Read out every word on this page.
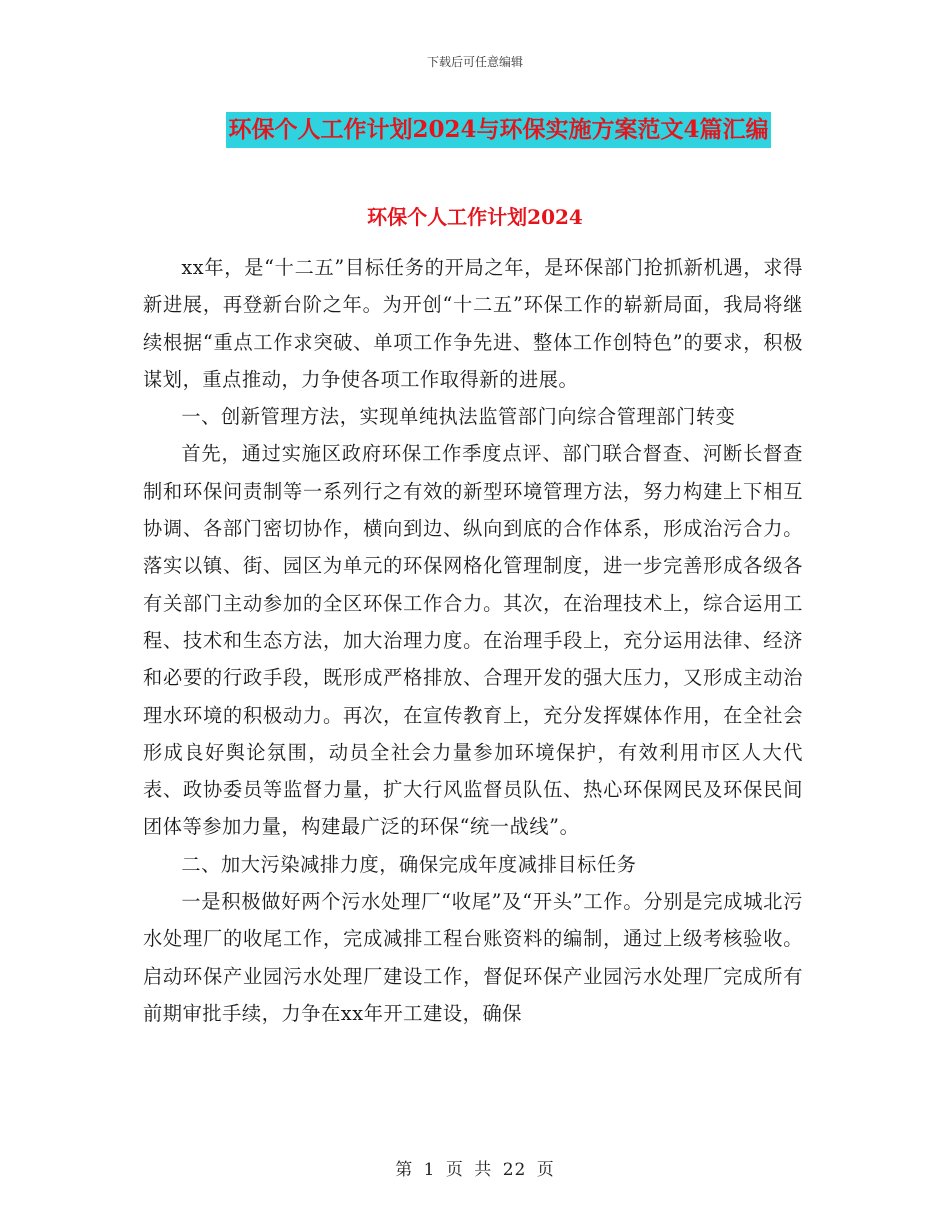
下载后可任意编辑
环保个人工作计划2024与环保实施方案范文4篇汇编
环保个人工作计划2024

xx年，是“十二五”目标任务的开局之年，是环保部门抢抓新机遇，求得新进展，再登新台阶之年。为开创“十二五”环保工作的崭新局面，我局将继续根据“重点工作求突破、单项工作争先进、整体工作创特色”的要求，积极谋划，重点推动，力争使各项工作取得新的进展。

一、创新管理方法，实现单纯执法监管部门向综合管理部门转变

首先，通过实施区政府环保工作季度点评、部门联合督查、河断长督查制和环保问责制等一系列行之有效的新型环境管理方法，努力构建上下相互协调、各部门密切协作，横向到边、纵向到底的合作体系，形成治污合力。落实以镇、街、园区为单元的环保网格化管理制度，进一步完善形成各级各有关部门主动参加的全区环保工作合力。其次，在治理技术上，综合运用工程、技术和生态方法，加大治理力度。在治理手段上，充分运用法律、经济和必要的行政手段，既形成严格排放、合理开发的强大压力，又形成主动治理水环境的积极动力。再次，在宣传教育上，充分发挥媒体作用，在全社会形成良好舆论氛围，动员全社会力量参加环境保护，有效利用市区人大代表、政协委员等监督力量，扩大行风监督员队伍、热心环保网民及环保民间团体等参加力量，构建最广泛的环保“统一战线”。

二、加大污染减排力度，确保完成年度减排目标任务

一是积极做好两个污水处理厂“收尾”及“开头”工作。分别是完成城北污水处理厂的收尾工作，完成减排工程台账资料的编制，通过上级考核验收。启动环保产业园污水处理厂建设工作，督促环保产业园污水处理厂完成所有前期审批手续，力争在xx年开工建设，确保

第 1 页 共 22 页
